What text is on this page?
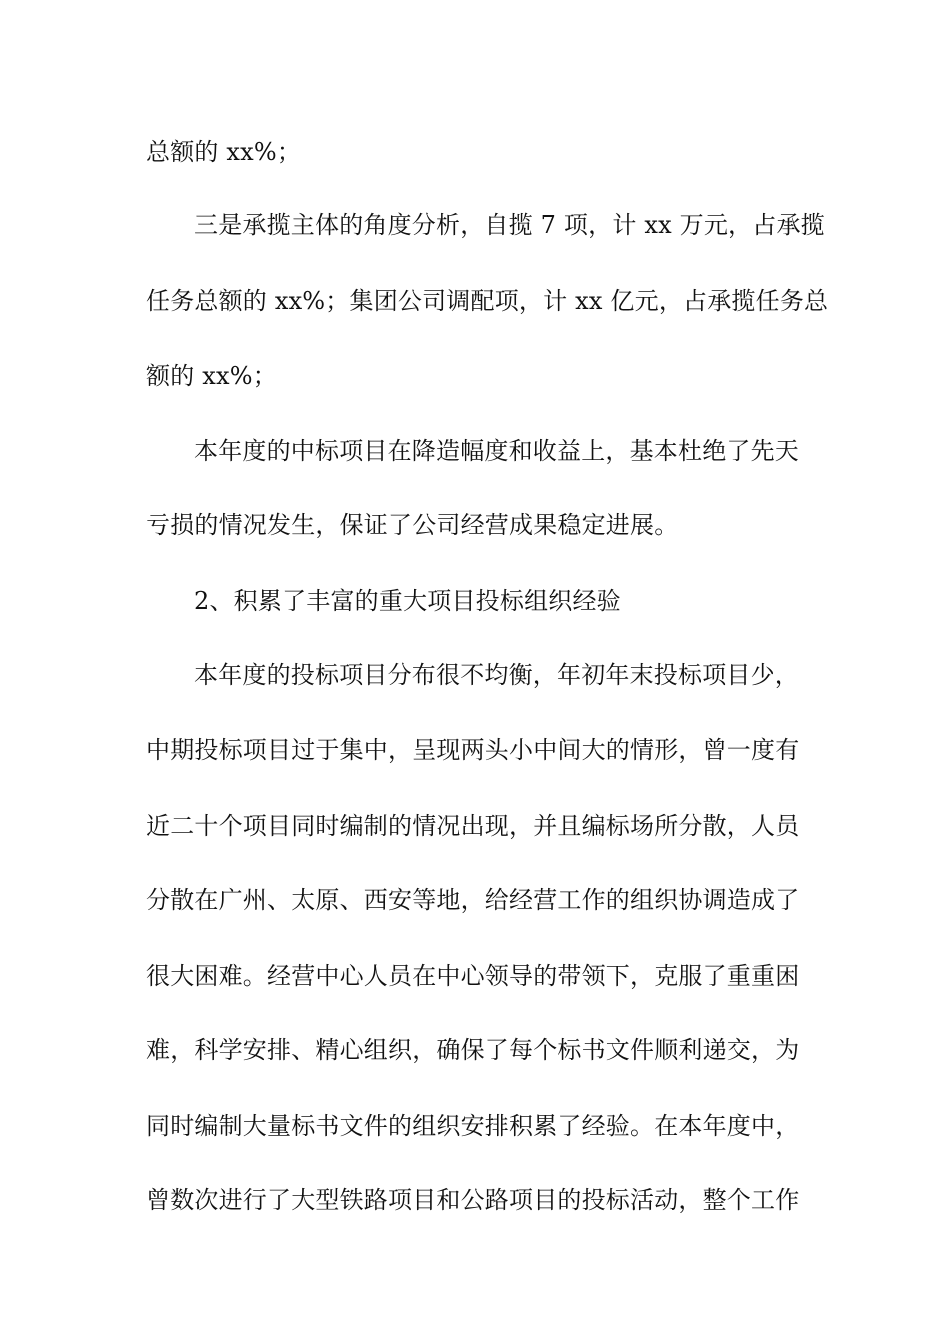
总额的 xx%；
三是承揽主体的角度分析，自揽 7 项，计 xx 万元，占承揽
任务总额的 xx%；集团公司调配项，计 xx 亿元，占承揽任务总
额的 xx%；
本年度的中标项目在降造幅度和收益上，基本杜绝了先天
亏损的情况发生，保证了公司经营成果稳定进展。
2、积累了丰富的重大项目投标组织经验
本年度的投标项目分布很不均衡，年初年末投标项目少，
中期投标项目过于集中，呈现两头小中间大的情形，曾一度有
近二十个项目同时编制的情况出现，并且编标场所分散，人员
分散在广州、太原、西安等地，给经营工作的组织协调造成了
很大困难。经营中心人员在中心领导的带领下，克服了重重困
难，科学安排、精心组织，确保了每个标书文件顺利递交，为
同时编制大量标书文件的组织安排积累了经验。在本年度中，
曾数次进行了大型铁路项目和公路项目的投标活动，整个工作
